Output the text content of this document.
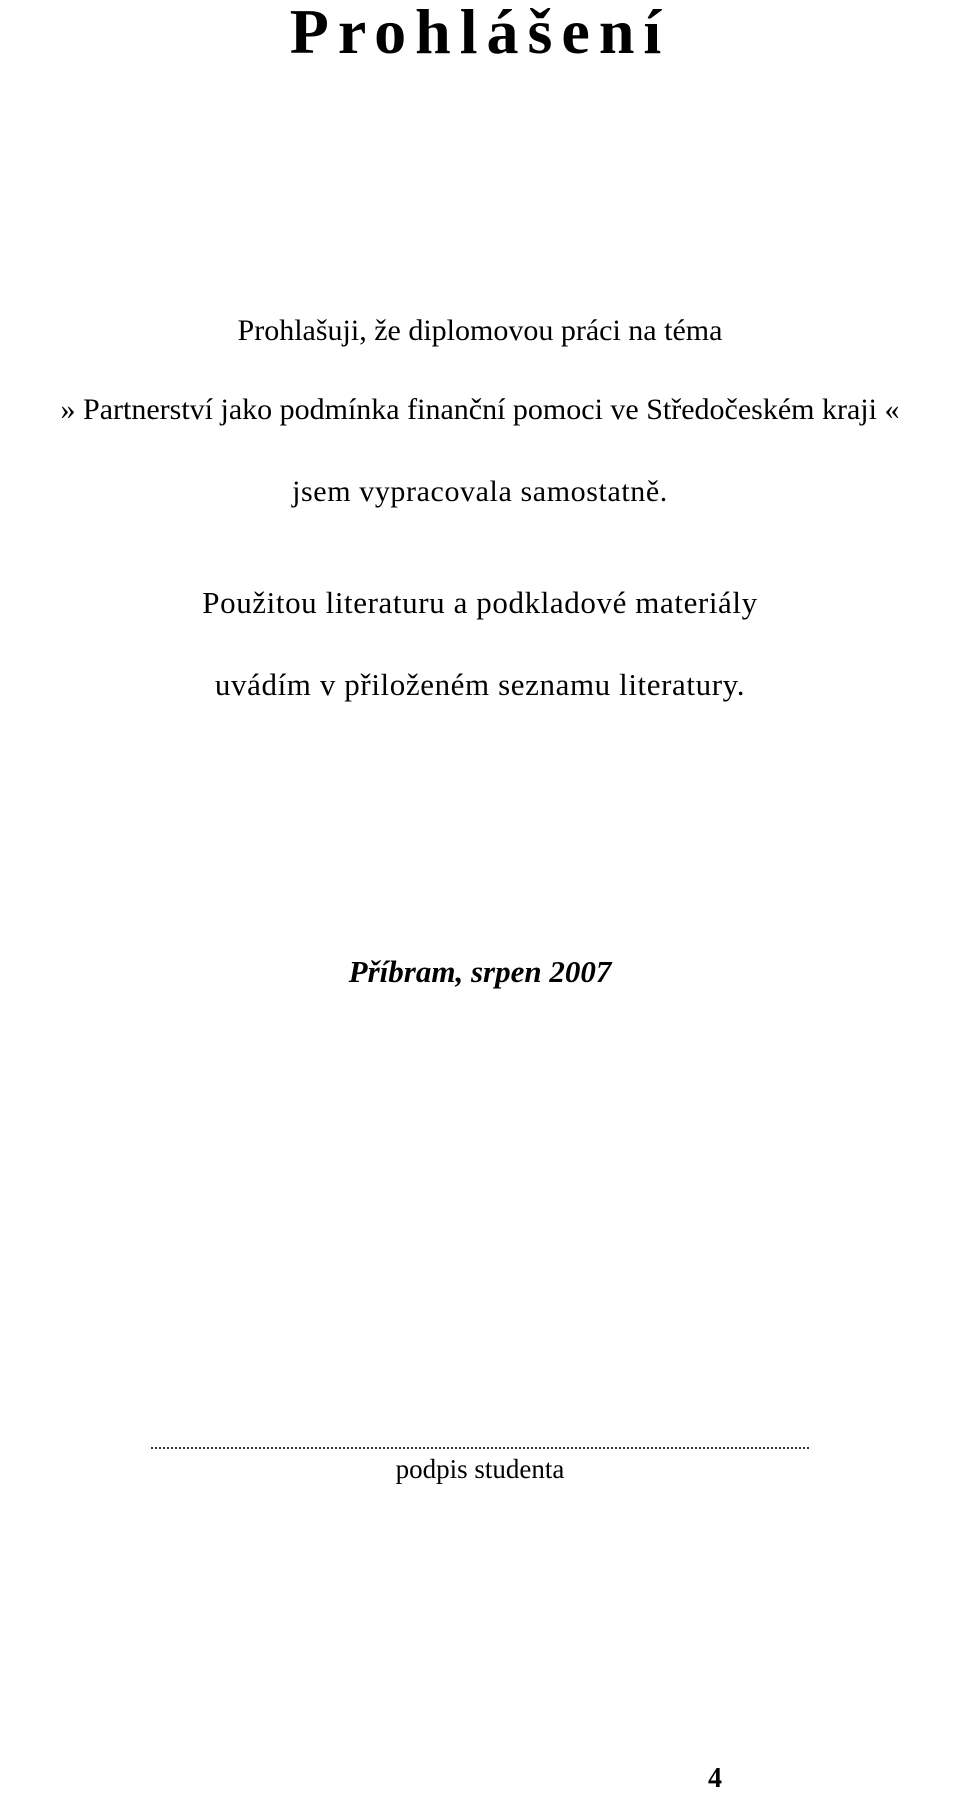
Prohlášení
Prohlašuji, že diplomovou práci na téma
» Partnerství jako podmínka finanční pomoci ve Středočeském kraji «
jsem vypracovala samostatně.
Použitou literaturu a podkladové materiály
uvádím v přiloženém seznamu literatury.
Příbram, srpen 2007
podpis studenta
4
